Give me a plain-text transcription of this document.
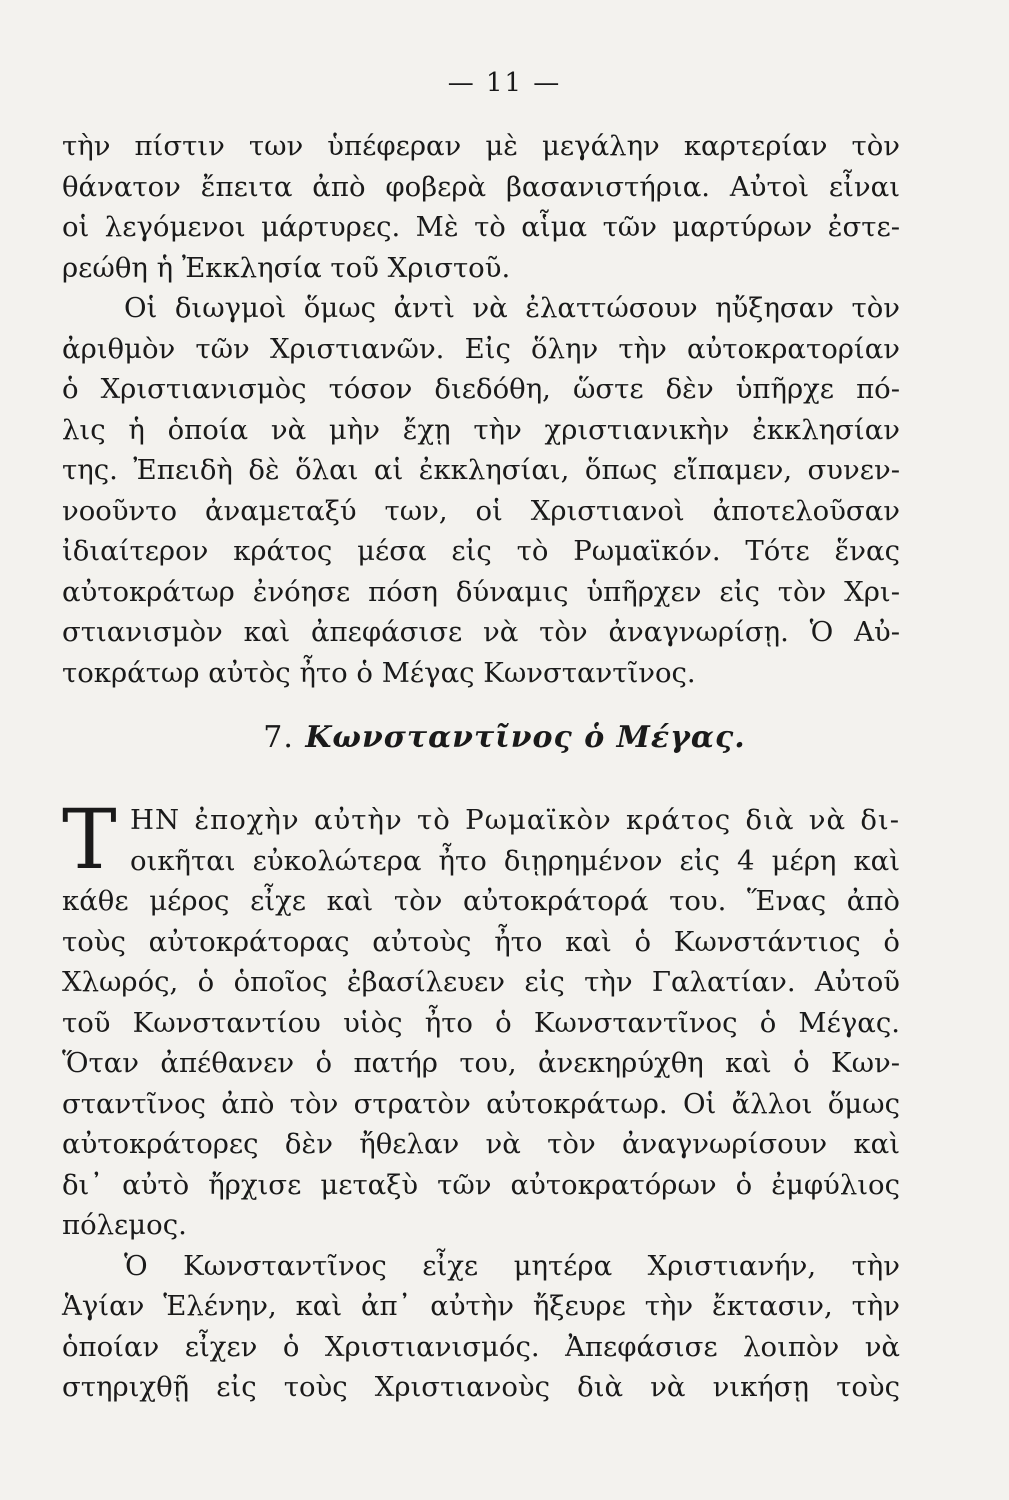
— 11 —
τὴν πίστιν των ὑπέφεραν μὲ μεγάλην καρτερίαν τὸν
θάνατον ἔπειτα ἀπὸ φοβερὰ βασανιστήρια. Αὐτοὶ εἶναι
οἱ λεγόμενοι μάρτυρες. Μὲ τὸ αἷμα τῶν μαρτύρων ἐστε-
ρεώθη ἡ Ἐκκλησία τοῦ Χριστοῦ.
Οἱ διωγμοὶ ὅμως ἀντὶ νὰ ἐλαττώσουν ηὔξησαν τὸν
ἀριθμὸν τῶν Χριστιανῶν. Εἰς ὅλην τὴν αὐτοκρατορίαν
ὁ Χριστιανισμὸς τόσον διεδόθη, ὥστε δὲν ὑπῆρχε πό-
λις ἡ ὁποία νὰ μὴν ἔχῃ τὴν χριστιανικὴν ἐκκλησίαν
της. Ἐπειδὴ δὲ ὅλαι αἱ ἐκκλησίαι, ὅπως εἴπαμεν, συνεν-
νοοῦντο ἀναμεταξύ των, οἱ Χριστιανοὶ ἀποτελοῦσαν
ἰδιαίτερον κράτος μέσα εἰς τὸ Ρωμαϊκόν. Τότε ἕνας
αὐτοκράτωρ ἐνόησε πόση δύναμις ὑπῆρχεν εἰς τὸν Χρι-
στιανισμὸν καὶ ἀπεφάσισε νὰ τὸν ἀναγνωρίσῃ. Ὁ Αὐ-
τοκράτωρ αὐτὸς ἦτο ὁ Μέγας Κωνσταντῖνος.
7. Κωνσταντῖνος ὁ Μέγας.
Τ ΗΝ ἐποχὴν αὐτὴν τὸ Ρωμαϊκὸν κράτος διὰ νὰ δι-
οικῆται εὐκολώτερα ἦτο διῃρημένον εἰς 4 μέρη καὶ
κάθε μέρος εἶχε καὶ τὸν αὐτοκράτορά του. Ἕνας ἀπὸ
τοὺς αὐτοκράτορας αὐτοὺς ἦτο καὶ ὁ Κωνστάντιος ὁ
Χλωρός, ὁ ὁποῖος ἐβασίλευεν εἰς τὴν Γαλατίαν. Αὐτοῦ
τοῦ Κωνσταντίου υἱὸς ἦτο ὁ Κωνσταντῖνος ὁ Μέγας.
Ὅταν ἀπέθανεν ὁ πατήρ του, ἀνεκηρύχθη καὶ ὁ Κων-
σταντῖνος ἀπὸ τὸν στρατὸν αὐτοκράτωρ. Οἱ ἄλλοι ὅμως
αὐτοκράτορες δὲν ἤθελαν νὰ τὸν ἀναγνωρίσουν καὶ
δι᾽ αὐτὸ ἤρχισε μεταξὺ τῶν αὐτοκρατόρων ὁ ἐμφύλιος
πόλεμος.
Ὁ Κωνσταντῖνος εἶχε μητέρα Χριστιανήν, τὴν
Ἁγίαν Ἑλένην, καὶ ἀπ᾽ αὐτὴν ἤξευρε τὴν ἔκτασιν, τὴν
ὁποίαν εἶχεν ὁ Χριστιανισμός. Ἀπεφάσισε λοιπὸν νὰ
στηριχθῇ εἰς τοὺς Χριστιανοὺς διὰ νὰ νικήσῃ τοὺς
